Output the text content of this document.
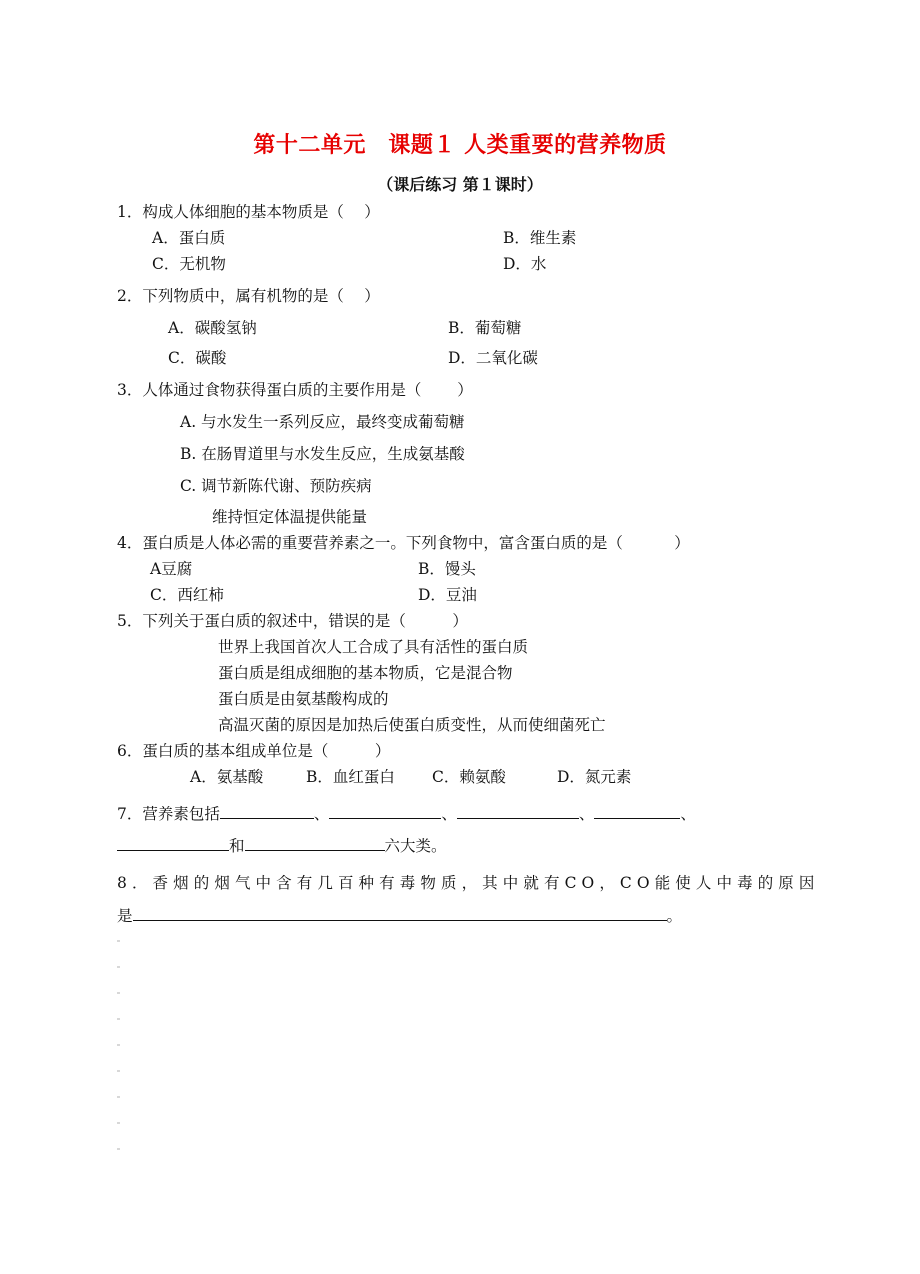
第十二单元　课题１ 人类重要的营养物质
（课后练习 第１课时）
1．构成人体细胞的基本物质是（　 ）
A．蛋白质	B．维生素
C．无机物	D．水
2．下列物质中，属有机物的是（　 ）
A．碳酸氢钠	B．葡萄糖
C．碳酸	D．二氧化碳
3．人体通过食物获得蛋白质的主要作用是（　　 ）
A. 与水发生一系列反应，最终变成葡萄糖
B. 在肠胃道里与水发生反应，生成氨基酸
C. 调节新陈代谢、预防疾病
维持恒定体温提供能量
4．蛋白质是人体必需的重要营养素之一。下列食物中，富含蛋白质的是（　　　 ）
A豆腐	B．馒头
C．西红柿	D．豆油
5．下列关于蛋白质的叙述中，错误的是（　　　）
世界上我国首次人工合成了具有活性的蛋白质
蛋白质是组成细胞的基本物质，它是混合物
蛋白质是由氨基酸构成的
高温灭菌的原因是加热后使蛋白质变性，从而使细菌死亡
6．蛋白质的基本组成单位是（　　　）
A．氨基酸	B．血红蛋白 C．赖氨酸	D．氮元素
7．营养素包括	、	、	、	、
和	六大类。
8．香烟的烟气中含有几百种有毒物质，其中就有CO，CO能使人中毒的原因
是	。
